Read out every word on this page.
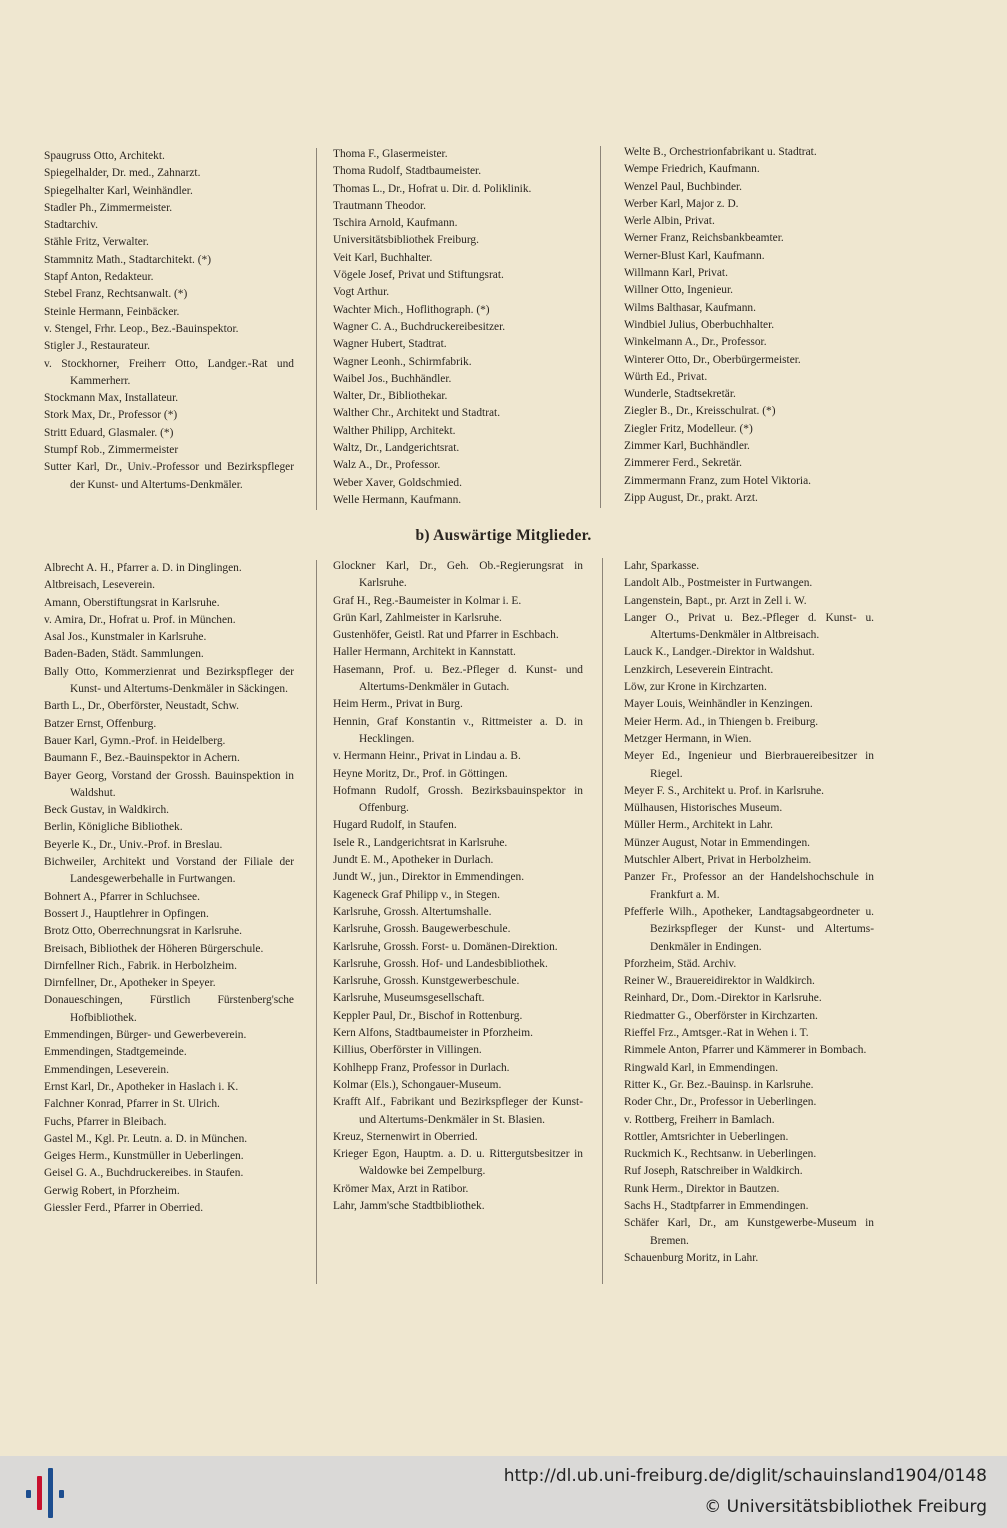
Spaugruss Otto, Architekt.
Spiegelhalder, Dr. med., Zahnarzt.
Spiegelhalter Karl, Weinhändler.
Stadler Ph., Zimmermeister.
Stadtarchiv.
Stähle Fritz, Verwalter.
Stammnitz Math., Stadtarchitekt. (*)
Stapf Anton, Redakteur.
Stebel Franz, Rechtsanwalt. (*)
Steinle Hermann, Feinbäcker.
v. Stengel, Frhr. Leop., Bez.-Bauinspektor.
Stigler J., Restaurateur.
v. Stockhorner, Freiherr Otto, Landger.-Rat und Kammerherr.
Stockmann Max, Installateur.
Stork Max, Dr., Professor (*)
Stritt Eduard, Glasmaler. (*)
Stumpf Rob., Zimmermeister
Sutter Karl, Dr., Univ.-Professor und Bezirkspfleger der Kunst- und Altertums-Denkmäler.
Thoma F., Glasermeister.
Thoma Rudolf, Stadtbaumeister.
Thomas L., Dr., Hofrat u. Dir. d. Poliklinik.
Trautmann Theodor.
Tschira Arnold, Kaufmann.
Universitätsbibliothek Freiburg.
Veit Karl, Buchhalter.
Vögele Josef, Privat und Stiftungsrat.
Vogt Arthur.
Wachter Mich., Hoflithograph. (*)
Wagner C. A., Buchdruckereibesitzer.
Wagner Hubert, Stadtrat.
Wagner Leonh., Schirmfabrik.
Waibel Jos., Buchhändler.
Walter, Dr., Bibliothekar.
Walther Chr., Architekt und Stadtrat.
Walther Philipp, Architekt.
Waltz, Dr., Landgerichtsrat.
Walz A., Dr., Professor.
Weber Xaver, Goldschmied.
Welle Hermann, Kaufmann.
Welte B., Orchestrionfabrikant u. Stadtrat.
Wempe Friedrich, Kaufmann.
Wenzel Paul, Buchbinder.
Werber Karl, Major z. D.
Werle Albin, Privat.
Werner Franz, Reichsbankbeamter.
Werner-Blust Karl, Kaufmann.
Willmann Karl, Privat.
Willner Otto, Ingenieur.
Wilms Balthasar, Kaufmann.
Windbiel Julius, Oberbuchhalter.
Winkelmann A., Dr., Professor.
Winterer Otto, Dr., Oberbürgermeister.
Würth Ed., Privat.
Wunderle, Stadtsekretär.
Ziegler B., Dr., Kreisschulrat. (*)
Ziegler Fritz, Modelleur. (*)
Zimmer Karl, Buchhändler.
Zimmerer Ferd., Sekretär.
Zimmermann Franz, zum Hotel Viktoria.
Zipp August, Dr., prakt. Arzt.
b) Auswärtige Mitglieder.
Albrecht A. H., Pfarrer a. D. in Dinglingen.
Altbreisach, Leseverein.
Amann, Oberstiftungsrat in Karlsruhe.
v. Amira, Dr., Hofrat u. Prof. in München.
Asal Jos., Kunstmaler in Karlsruhe.
Baden-Baden, Städt. Sammlungen.
Bally Otto, Kommerzienrat und Bezirkspfleger der Kunst- und Altertums-Denkmäler in Säckingen.
Barth L., Dr., Oberförster, Neustadt, Schw.
Batzer Ernst, Offenburg.
Bauer Karl, Gymn.-Prof. in Heidelberg.
Baumann F., Bez.-Bauinspektor in Achern.
Bayer Georg, Vorstand der Grossh. Bauinspektion in Waldshut.
Beck Gustav, in Waldkirch.
Berlin, Königliche Bibliothek.
Beyerle K., Dr., Univ.-Prof. in Breslau.
Bichweiler, Architekt und Vorstand der Filiale der Landesgewerbehalle in Furtwangen.
Bohnert A., Pfarrer in Schluchsee.
Bossert J., Hauptlehrer in Opfingen.
Brotz Otto, Oberrechnungsrat in Karlsruhe.
Breisach, Bibliothek der Höheren Bürgerschule.
Dirnfellner Rich., Fabrik. in Herbolzheim.
Dirnfellner, Dr., Apotheker in Speyer.
Donaueschingen, Fürstlich Fürstenberg'sche Hofbibliothek.
Emmendingen, Bürger- und Gewerbeverein.
Emmendingen, Stadtgemeinde.
Emmendingen, Leseverein.
Ernst Karl, Dr., Apotheker in Haslach i. K.
Falchner Konrad, Pfarrer in St. Ulrich.
Fuchs, Pfarrer in Bleibach.
Gastel M., Kgl. Pr. Leutn. a. D. in München.
Geiges Herm., Kunstmüller in Ueberlingen.
Geisel G. A., Buchdruckereibes. in Staufen.
Gerwig Robert, in Pforzheim.
Giessler Ferd., Pfarrer in Oberried.
Glockner Karl, Dr., Geh. Ob.-Regierungsrat in Karlsruhe.
Graf H., Reg.-Baumeister in Kolmar i. E.
Grün Karl, Zahlmeister in Karlsruhe.
Gustenhöfer, Geistl. Rat und Pfarrer in Eschbach.
Haller Hermann, Architekt in Kannstatt.
Hasemann, Prof. u. Bez.-Pfleger d. Kunst- und Altertums-Denkmäler in Gutach.
Heim Herm., Privat in Burg.
Hennin, Graf Konstantin v., Rittmeister a. D. in Hecklingen.
v. Hermann Heinr., Privat in Lindau a. B.
Heyne Moritz, Dr., Prof. in Göttingen.
Hofmann Rudolf, Grossh. Bezirksbauinspektor in Offenburg.
Hugard Rudolf, in Staufen.
Isele R., Landgerichtsrat in Karlsruhe.
Jundt E. M., Apotheker in Durlach.
Jundt W., jun., Direktor in Emmendingen.
Kageneck Graf Philipp v., in Stegen.
Karlsruhe, Grossh. Altertumshalle.
Karlsruhe, Grossh. Baugewerbeschule.
Karlsruhe, Grossh. Forst- u. Domänen-Direktion.
Karlsruhe, Grossh. Hof- und Landesbibliothek.
Karlsruhe, Grossh. Kunstgewerbeschule.
Karlsruhe, Museumsgesellschaft.
Keppler Paul, Dr., Bischof in Rottenburg.
Kern Alfons, Stadtbaumeister in Pforzheim.
Killius, Oberförster in Villingen.
Kohlhepp Franz, Professor in Durlach.
Kolmar (Els.), Schongauer-Museum.
Krafft Alf., Fabrikant und Bezirkspfleger der Kunst- und Altertums-Denkmäler in St. Blasien.
Kreuz, Sternenwirt in Oberried.
Krieger Egon, Hauptm. a. D. u. Rittergutsbesitzer in Waldowke bei Zempelburg.
Krömer Max, Arzt in Ratibor.
Lahr, Jamm'sche Stadtbibliothek.
Lahr, Sparkasse.
Landolt Alb., Postmeister in Furtwangen.
Langenstein, Bapt., pr. Arzt in Zell i. W.
Langer O., Privat u. Bez.-Pfleger d. Kunst- u. Altertums-Denkmäler in Altbreisach.
Lauck K., Landger.-Direktor in Waldshut.
Lenzkirch, Leseverein Eintracht.
Löw, zur Krone in Kirchzarten.
Mayer Louis, Weinhändler in Kenzingen.
Meier Herm. Ad., in Thiengen b. Freiburg.
Metzger Hermann, in Wien.
Meyer Ed., Ingenieur und Bierbrauereibesitzer in Riegel.
Meyer F. S., Architekt u. Prof. in Karlsruhe.
Mülhausen, Historisches Museum.
Müller Herm., Architekt in Lahr.
Münzer August, Notar in Emmendingen.
Mutschler Albert, Privat in Herbolzheim.
Panzer Fr., Professor an der Handelshochschule in Frankfurt a. M.
Pfefferle Wilh., Apotheker, Landtagsabgeordneter u. Bezirkspfleger der Kunst- und Altertums-Denkmäler in Endingen.
Pforzheim, Städ. Archiv.
Reiner W., Brauereidirektor in Waldkirch.
Reinhard, Dr., Dom.-Direktor in Karlsruhe.
Riedmatter G., Oberförster in Kirchzarten.
Rieffel Frz., Amtsger.-Rat in Wehen i. T.
Rimmele Anton, Pfarrer und Kämmerer in Bombach.
Ringwald Karl, in Emmendingen.
Ritter K., Gr. Bez.-Bauinsp. in Karlsruhe.
Roder Chr., Dr., Professor in Ueberlingen.
v. Rottberg, Freiherr in Bamlach.
Rottler, Amtsrichter in Ueberlingen.
Ruckmich K., Rechtsanw. in Ueberlingen.
Ruf Joseph, Ratschreiber in Waldkirch.
Runk Herm., Direktor in Bautzen.
Sachs H., Stadtpfarrer in Emmendingen.
Schäfer Karl, Dr., am Kunstgewerbe-Museum in Bremen.
Schauenburg Moritz, in Lahr.
http://dl.ub.uni-freiburg.de/diglit/schauinsland1904/0148
© Universitätsbibliothek Freiburg
